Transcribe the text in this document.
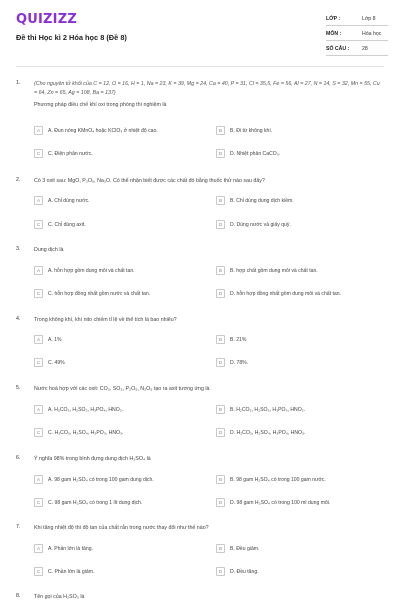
QUIZIZZ
Đề thi Học kì 2 Hóa học 8 (Đề 8)
LỚP :	Lớp 8
MÔN :	Hóa học
SỐ CÂU : 28
1.	(Cho nguyên tử khối của C = 12, O = 16, H = 1, Na = 23, K = 39, Mg = 24, Ca = 40, P = 31, Cl = 35,5, Fe = 56, Al = 27, N = 14, S = 32, Mn = 55, Cu = 64, Zn = 65, Ag = 108, Ba = 137)
Phương pháp điều chế khí oxi trong phòng thí nghiệm là
A	A. Đun nóng KMnO₄ hoặc KClO₃ ở nhiệt độ cao.	B	B. Đi từ không khí.
C	C. Điện phân nước.	D	D. Nhiệt phân CaCO₃.
2.	Có 3 oxit sau: MgO, P₂O₅, Na₂O. Có thể nhận biết được các chất đó bằng thuốc thử nào sau đây?
A	A. Chỉ dùng nước.	B	B. Chỉ dùng dung dịch kiềm.
C	C. Chỉ dùng axit.	D	D. Dùng nước và giấy quỳ.
3.	Dung dịch là
A	A. hỗn hợp gồm dung môi và chất tan.	B	B. hợp chất gồm dung môi và chất tan.
C	C. hỗn hợp đồng nhất gồm nước và chất tan.	D	D. hỗn hợp đồng nhất gồm dung môi và chất tan.
4.	Trong không khí, khí nito chiếm tỉ lệ về thể tích là bao nhiêu?
A	A. 1%	B	B. 21%
C	C. 49%	D	D. 78%.
5.	Nước hoá hợp với các oxit: CO₂, SO₃, P₂O₅, N₂O₅ tạo ra axit tương ứng là
A	A. H₂CO₃, H₂SO₃, H₃PO₄, HNO₂.	B	B. H₂CO₃, H₂SO₃, H₃PO₃, HNO₂.
C	C. H₂CO₃, H₂SO₄, H₃PO₃, HNO₃.	D	D. H₂CO₃, H₂SO₄, H₃PO₄, HNO₃.
6.	Ý nghĩa 98% trong bình đựng dung dịch H₂SO₄ là
A	A. 98 gam H₂SO₄ có trong 100 gam dung dịch.	B	B. 98 gam H₂SO₄ có trong 100 gam nước.
C	C. 98 gam H₂SO₄ có trong 1 lít dung dịch.	D	D. 98 gam H₂SO₄ có trong 100 ml dung môi.
7.	Khi tăng nhiệt độ thì độ tan của chất rắn trong nước thay đổi như thế nào?
A	A. Phần lớn là tăng.	B	B. Đều giảm.
C	C. Phần lớn là giảm.	D	D. Đều tăng.
8.	Tên gọi của H₂SO₃ là
